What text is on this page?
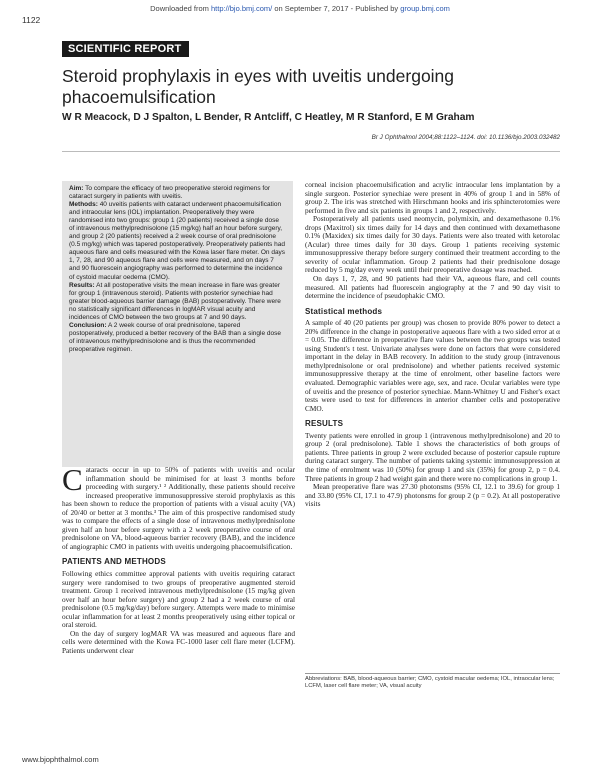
Downloaded from http://bjo.bmj.com/ on September 7, 2017 - Published by group.bmj.com
1122
SCIENTIFIC REPORT
Steroid prophylaxis in eyes with uveitis undergoing phacoemulsification
W R Meacock, D J Spalton, L Bender, R Antcliff, C Heatley, M R Stanford, E M Graham
Br J Ophthalmol 2004;88:1122–1124. doi: 10.1136/bjo.2003.032482

Aim: To compare the efficacy of two preoperative steroid regimens for cataract surgery in patients with uveitis.

Methods: 40 uveitis patients with cataract underwent phacoemulsification and intraocular lens (IOL) implantation. Preoperatively they were randomised into two groups: group 1 (20 patients) received a single dose of intravenous methylprednisolone (15 mg/kg) half an hour before surgery, and group 2 (20 patients) received a 2 week course of oral prednisolone (0.5 mg/kg) which was tapered postoperatively. Preoperatively patients had aqueous flare and cells measured with the Kowa laser flare meter. On days 1, 7, 28, and 90 aqueous flare and cells were measured, and on days 7 and 90 fluorescein angiography was performed to determine the incidence of cystoid macular oedema (CMO).

Results: At all postoperative visits the mean increase in flare was greater for group 1 (intravenous steroid). Patients with posterior synechiae had greater blood-aqueous barrier damage (BAB) postoperatively. There were no statistically significant differences in logMAR visual acuity and incidences of CMO between the two groups at 7 and 90 days.

Conclusion: A 2 week course of oral prednisolone, tapered postoperatively, produced a better recovery of the BAB than a single dose of intravenous methylprednisolone and is thus the recommended preoperative regimen.

Cataracts occur in up to 50% of patients with uveitis and ocular inflammation should be minimised for at least 3 months before proceeding with surgery.¹ ² Additionally, these patients should receive increased preoperative immunosuppressive steroid prophylaxis as this has been shown to reduce the proportion of patients with a visual acuity (VA) of 20/40 or better at 3 months.³ The aim of this prospective randomised study was to compare the effects of a single dose of intravenous methylprednisolone given half an hour before surgery with a 2 week preoperative course of oral prednisolone on VA, blood-aqueous barrier recovery (BAB), and the incidence of angiographic CMO in patients with uveitis undergoing phacoemulsification.

PATIENTS AND METHODS

Following ethics committee approval patients with uveitis requiring cataract surgery were randomised to two groups of preoperative augmented steroid treatment. Group 1 received intravenous methylprednisolone (15 mg/kg given over half an hour before surgery) and group 2 had a 2 week course of oral prednisolone (0.5 mg/kg/day) before surgery. Attempts were made to minimise ocular inflammation for at least 2 months preoperatively using either topical or oral steroid.

On the day of surgery logMAR VA was measured and aqueous flare and cells were determined with the Kowa FC-1000 laser cell flare meter (LCFM). Patients underwent clear

corneal incision phacoemulsification and acrylic intraocular lens implantation by a single surgeon. Posterior synechiae were present in 40% of group 1 and in 58% of group 2. The iris was stretched with Hirschmann hooks and iris sphincterotomies were performed in five and six patients in groups 1 and 2, respectively.

Postoperatively all patients used neomycin, polymixin, and dexamethasone 0.1% drops (Maxitrol) six times daily for 14 days and then continued with dexamethasone 0.1% (Maxidex) six times daily for 30 days. Patients were also treated with ketorolac (Acular) three times daily for 30 days. Group 1 patients receiving systemic immunosuppressive therapy before surgery continued their treatment according to the severity of ocular inflammation. Group 2 patients had their prednisolone dosage reduced by 5 mg/day every week until their preoperative dosage was reached.

On days 1, 7, 28, and 90 patients had their VA, aqueous flare, and cell counts measured. All patients had fluorescein angiography at the 7 and 90 day visit to determine the incidence of pseudophakic CMO.

Statistical methods

A sample of 40 (20 patients per group) was chosen to provide 80% power to detect a 20% difference in the change in postoperative aqueous flare with a two sided error at α = 0.05. The difference in preoperative flare values between the two groups was tested using Student's t test. Univariate analyses were done on factors that were considered important in the delay in BAB recovery. In addition to the study group (intravenous methylprednisolone or oral prednisolone) and whether patients received systemic immunosuppressive therapy at the time of enrolment, other baseline factors were evaluated. Demographic variables were age, sex, and race. Ocular variables were type of uveitis and the presence of posterior synechiae. Mann-Whitney U and Fisher's exact tests were used to test for differences in anterior chamber cells and postoperative CMO.

RESULTS

Twenty patients were enrolled in group 1 (intravenous methylprednisolone) and 20 to group 2 (oral prednisolone). Table 1 shows the characteristics of both groups of patients. Three patients in group 2 were excluded because of posterior capsule rupture during cataract surgery. The number of patients taking systemic immunosuppression at the time of enrolment was 10 (50%) for group 1 and six (35%) for group 2, p = 0.4. Three patients in group 2 had weight gain and there were no complications in group 1.

Mean preoperative flare was 27.30 photonsms (95% CI, 12.1 to 39.6) for group 1 and 33.80 (95% CI, 17.1 to 47.9) photonsms for group 2 (p = 0.2). At all postoperative visits

Abbreviations: BAB, blood-aqueous barrier; CMO, cystoid macular oedema; IOL, intraocular lens; LCFM, laser cell flare meter; VA, visual acuity
www.bjophthalmol.com
